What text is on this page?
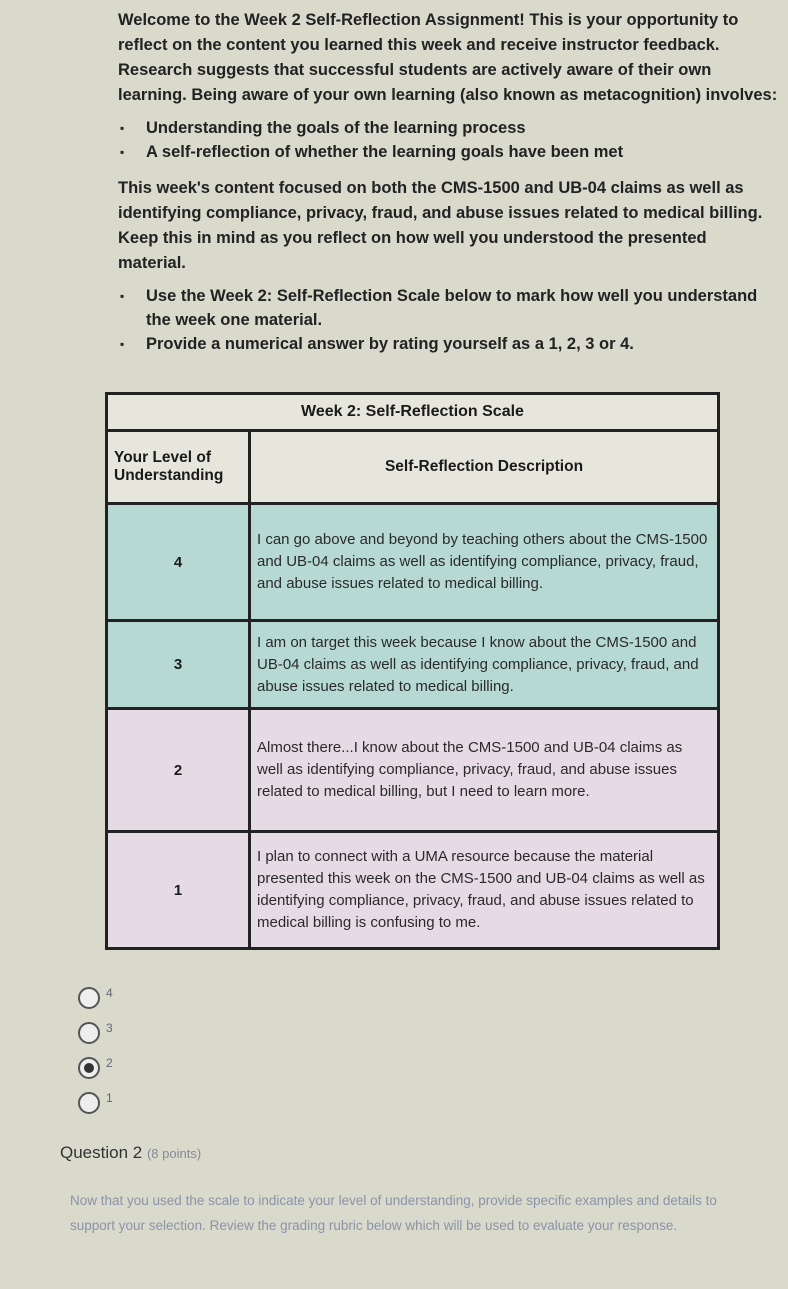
Welcome to the Week 2 Self-Reflection Assignment! This is your opportunity to reflect on the content you learned this week and receive instructor feedback. Research suggests that successful students are actively aware of their own learning. Being aware of your own learning (also known as metacognition) involves:

▪ Understanding the goals of the learning process
▪ A self-reflection of whether the learning goals have been met

This week's content focused on both the CMS-1500 and UB-04 claims as well as identifying compliance, privacy, fraud, and abuse issues related to medical billing. Keep this in mind as you reflect on how well you understood the presented material.

▪ Use the Week 2: Self-Reflection Scale below to mark how well you understand the week one material.
▪ Provide a numerical answer by rating yourself as a 1, 2, 3 or 4.
Week 2: Self-Reflection Scale	
Your Level of Understanding	Self-Reflection Description
4	I can go above and beyond by teaching others about the CMS-1500 and UB-04 claims as well as identifying compliance, privacy, fraud, and abuse issues related to medical billing.
3	I am on target this week because I know about the CMS-1500 and UB-04 claims as well as identifying compliance, privacy, fraud, and abuse issues related to medical billing.
2	Almost there...I know about the CMS-1500 and UB-04 claims as well as identifying compliance, privacy, fraud, and abuse issues related to medical billing, but I need to learn more.
1	I plan to connect with a UMA resource because the material presented this week on the CMS-1500 and UB-04 claims as well as identifying compliance, privacy, fraud, and abuse issues related to medical billing is confusing to me.
4
3
2
1
Question 2 (8 points)
Now that you used the scale to indicate your level of understanding, provide specific examples and details to support your selection. Review the grading rubric below which will be used to evaluate your response.
